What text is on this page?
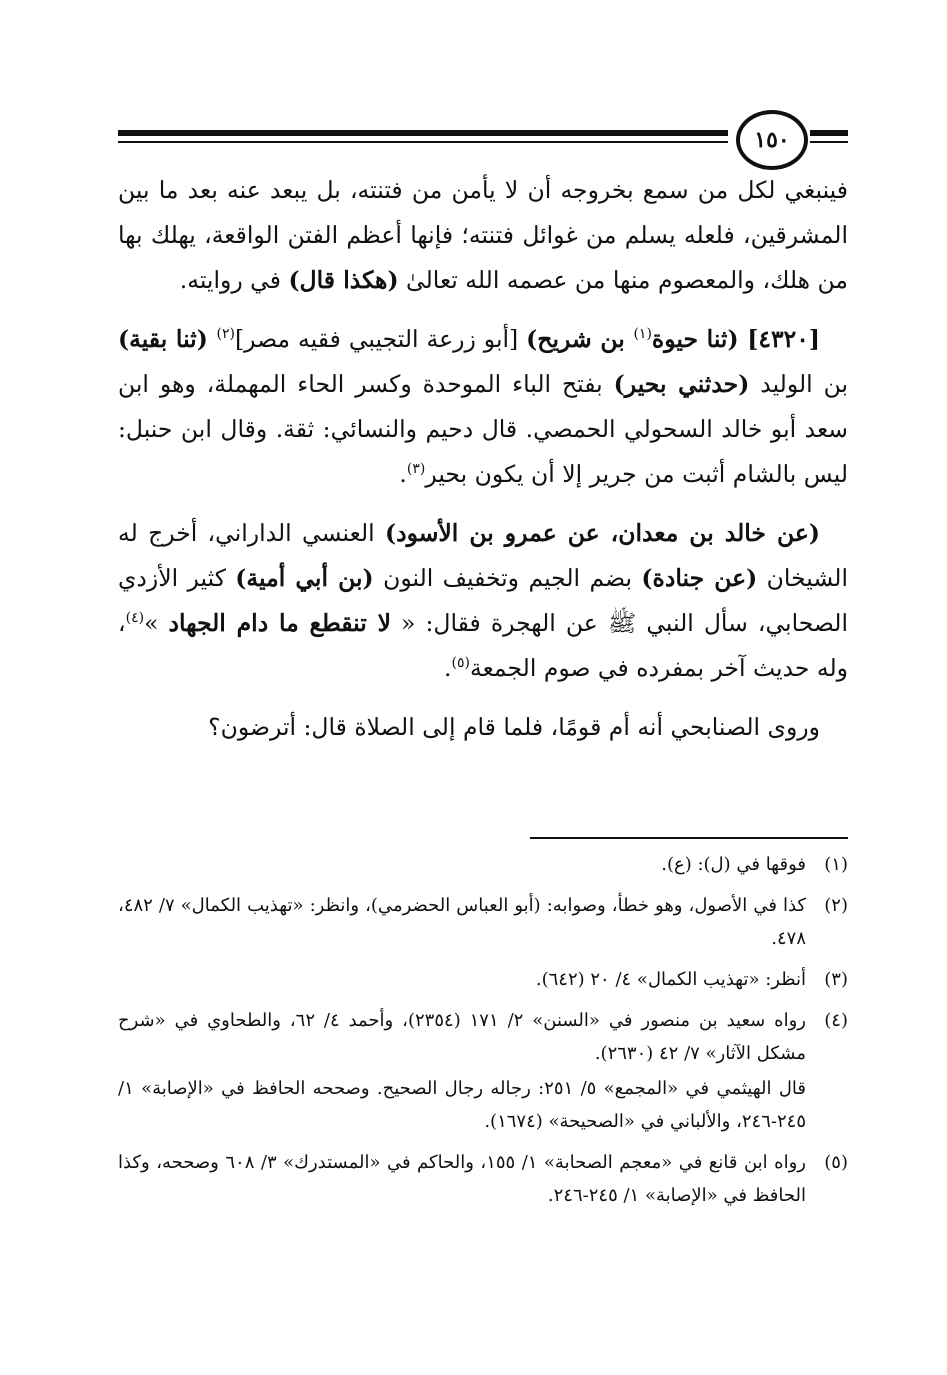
١٥٠

فينبغي لكل من سمع بخروجه أن لا يأمن من فتنته، بل يبعد عنه بعد ما بين المشرقين، فلعله يسلم من غوائل فتنته؛ فإنها أعظم الفتن الواقعة، يهلك بها من هلك، والمعصوم منها من عصمه الله تعالىٰ (هكذا قال) في روايته.

[٤٣٢٠] (ثنا حيوة$^{(١)}$ بن شريح) [أبو زرعة التجيبي فقيه مصر]$^{(٢)}$ (ثنا بقية) بن الوليد (حدثني بحير) بفتح الباء الموحدة وكسر الحاء المهملة، وهو ابن سعد أبو خالد السحولي الحمصي. قال دحيم والنسائي: ثقة. وقال ابن حنبل: ليس بالشام أثبت من جرير إلا أن يكون بحير$^{(٣)}$.

(عن خالد بن معدان، عن عمرو بن الأسود) العنسي الداراني، أخرج له الشيخان (عن جنادة) بضم الجيم وتخفيف النون (بن أبي أمية) كثير الأزدي الصحابي، سأل النبي ﷺ عن الهجرة فقال: « لا تنقطع ما دام الجهاد »$^{(٤)}$، وله حديث آخر بمفرده في صوم الجمعة$^{(٥)}$.

وروى الصنابحي أنه أم قومًا، فلما قام إلى الصلاة قال: أترضون؟

(١)
فوقها في (ل): (ع).
(٢)
كذا في الأصول، وهو خطأ، وصوابه: (أبو العباس الحضرمي)، وانظر: «تهذيب الكمال» ٧/ ٤٨٢، ٤٧٨.
(٣)
أنظر: «تهذيب الكمال» ٤/ ٢٠ (٦٤٢).
(٤)
رواه سعيد بن منصور في «السنن» ٢/ ١٧١ (٢٣٥٤)، وأحمد ٤/ ٦٢، والطحاوي في «شرح مشكل الآثار» ٧/ ٤٢ (٢٦٣٠).
قال الهيثمي في «المجمع» ٥/ ٢٥١: رجاله رجال الصحيح. وصححه الحافظ في «الإصابة» ١/ ٢٤٥-٢٤٦، والألباني في «الصحيحة» (١٦٧٤).
(٥)
رواه ابن قانع في «معجم الصحابة» ١/ ١٥٥، والحاكم في «المستدرك» ٣/ ٦٠٨ وصححه، وكذا الحافظ في «الإصابة» ١/ ٢٤٥-٢٤٦.
